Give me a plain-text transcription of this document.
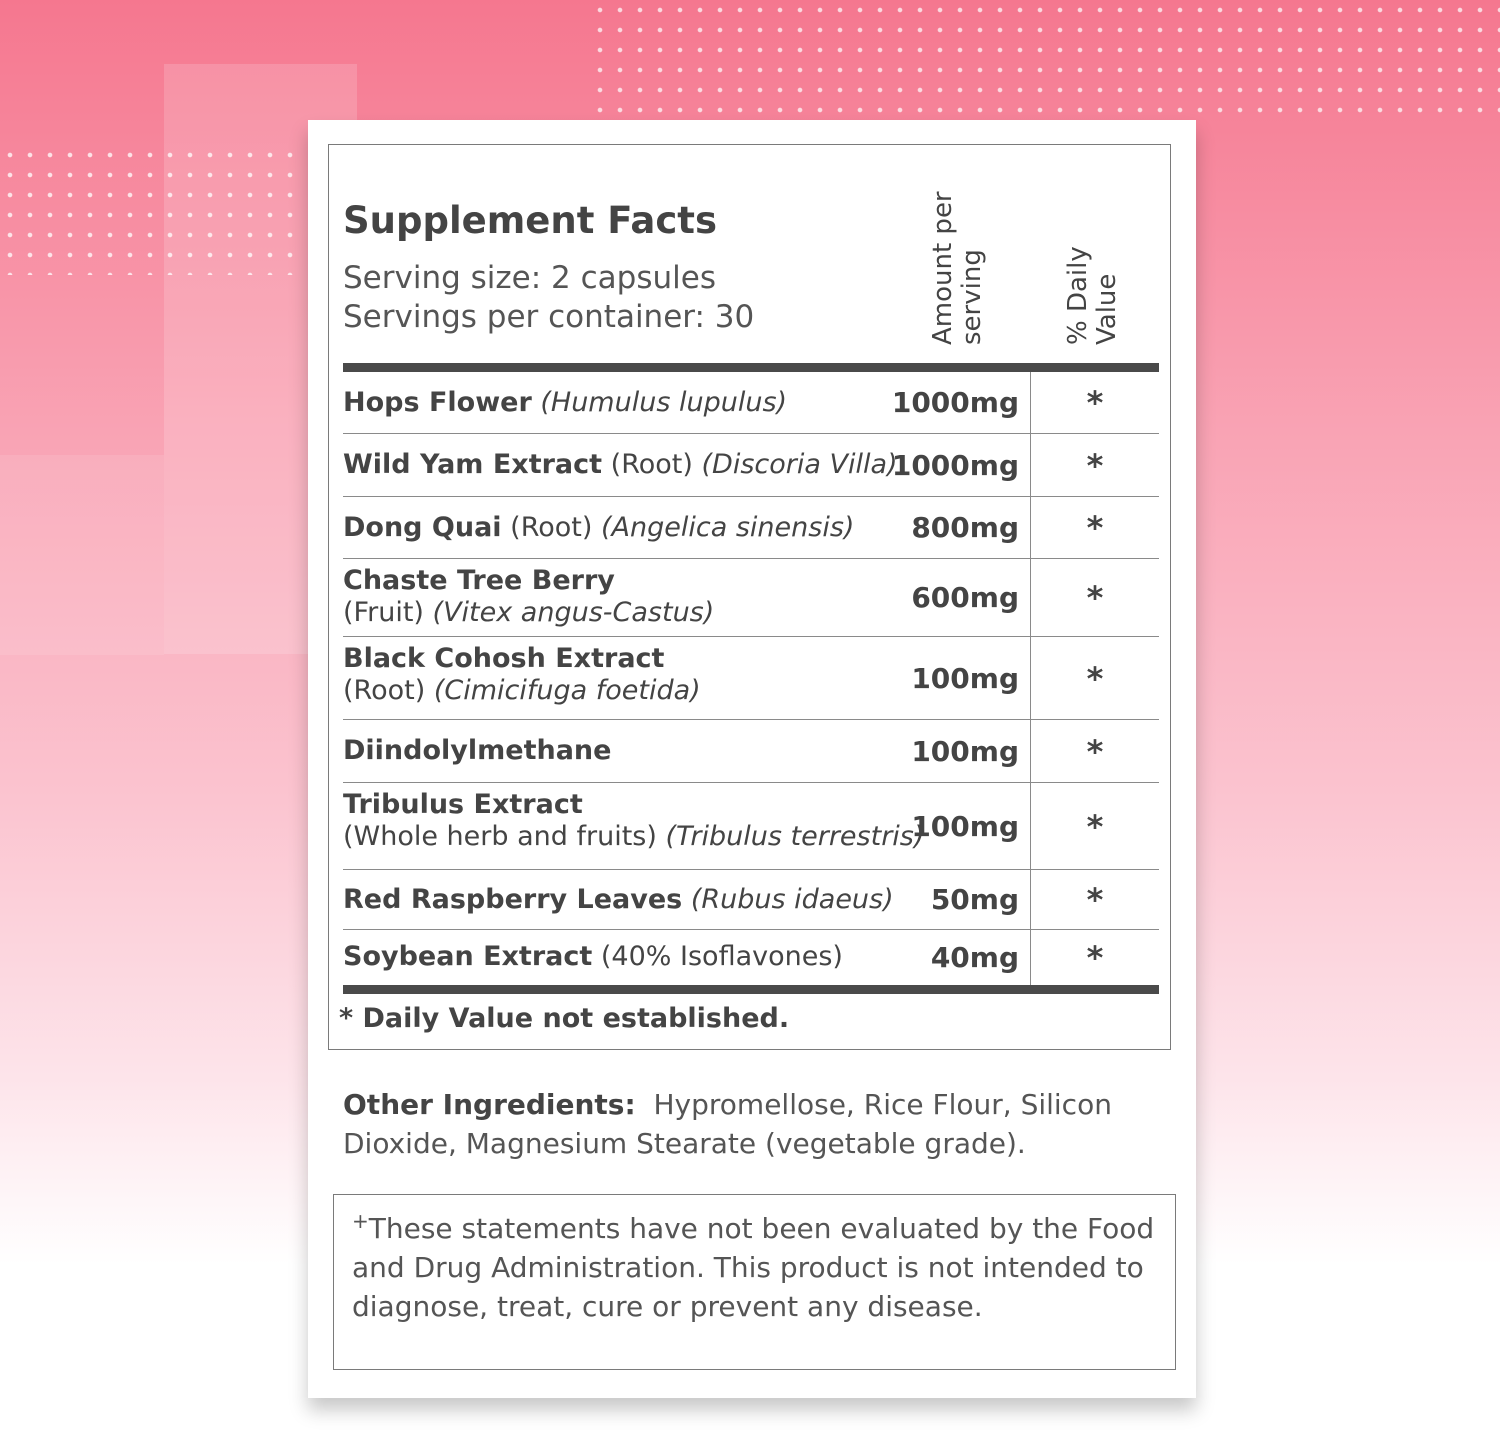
Supplement Facts
Serving size: 2 capsules
Servings per container: 30	Amount per
serving	% Daily
Value
Hops Flower (Humulus lupulus)	1000mg	*
Wild Yam Extract (Root) (Discoria Villa)
1000mg	*
Dong Quai (Root) (Angelica sinensis)	800mg	*
Chaste Tree Berry
(Fruit) (Vitex angus-Castus)	600mg	*
Black Cohosh Extract
(Root) (Cimicifuga foetida)	100mg	*
Diindolylmethane	100mg	*
Tribulus Extract
(Whole herb and fruits) (Tribulus terrestris)
100mg	*
Red Raspberry Leaves (Rubus idaeus)	50mg	*
Soybean Extract (40% Isoflavones)	40mg	*
* Daily Value not established.
Other Ingredients: Hypromellose, Rice Flour, Silicon Dioxide, Magnesium Stearate (vegetable grade).
+These statements have not been evaluated by the Food and Drug Administration. This product is not intended to diagnose, treat, cure or prevent any disease.
